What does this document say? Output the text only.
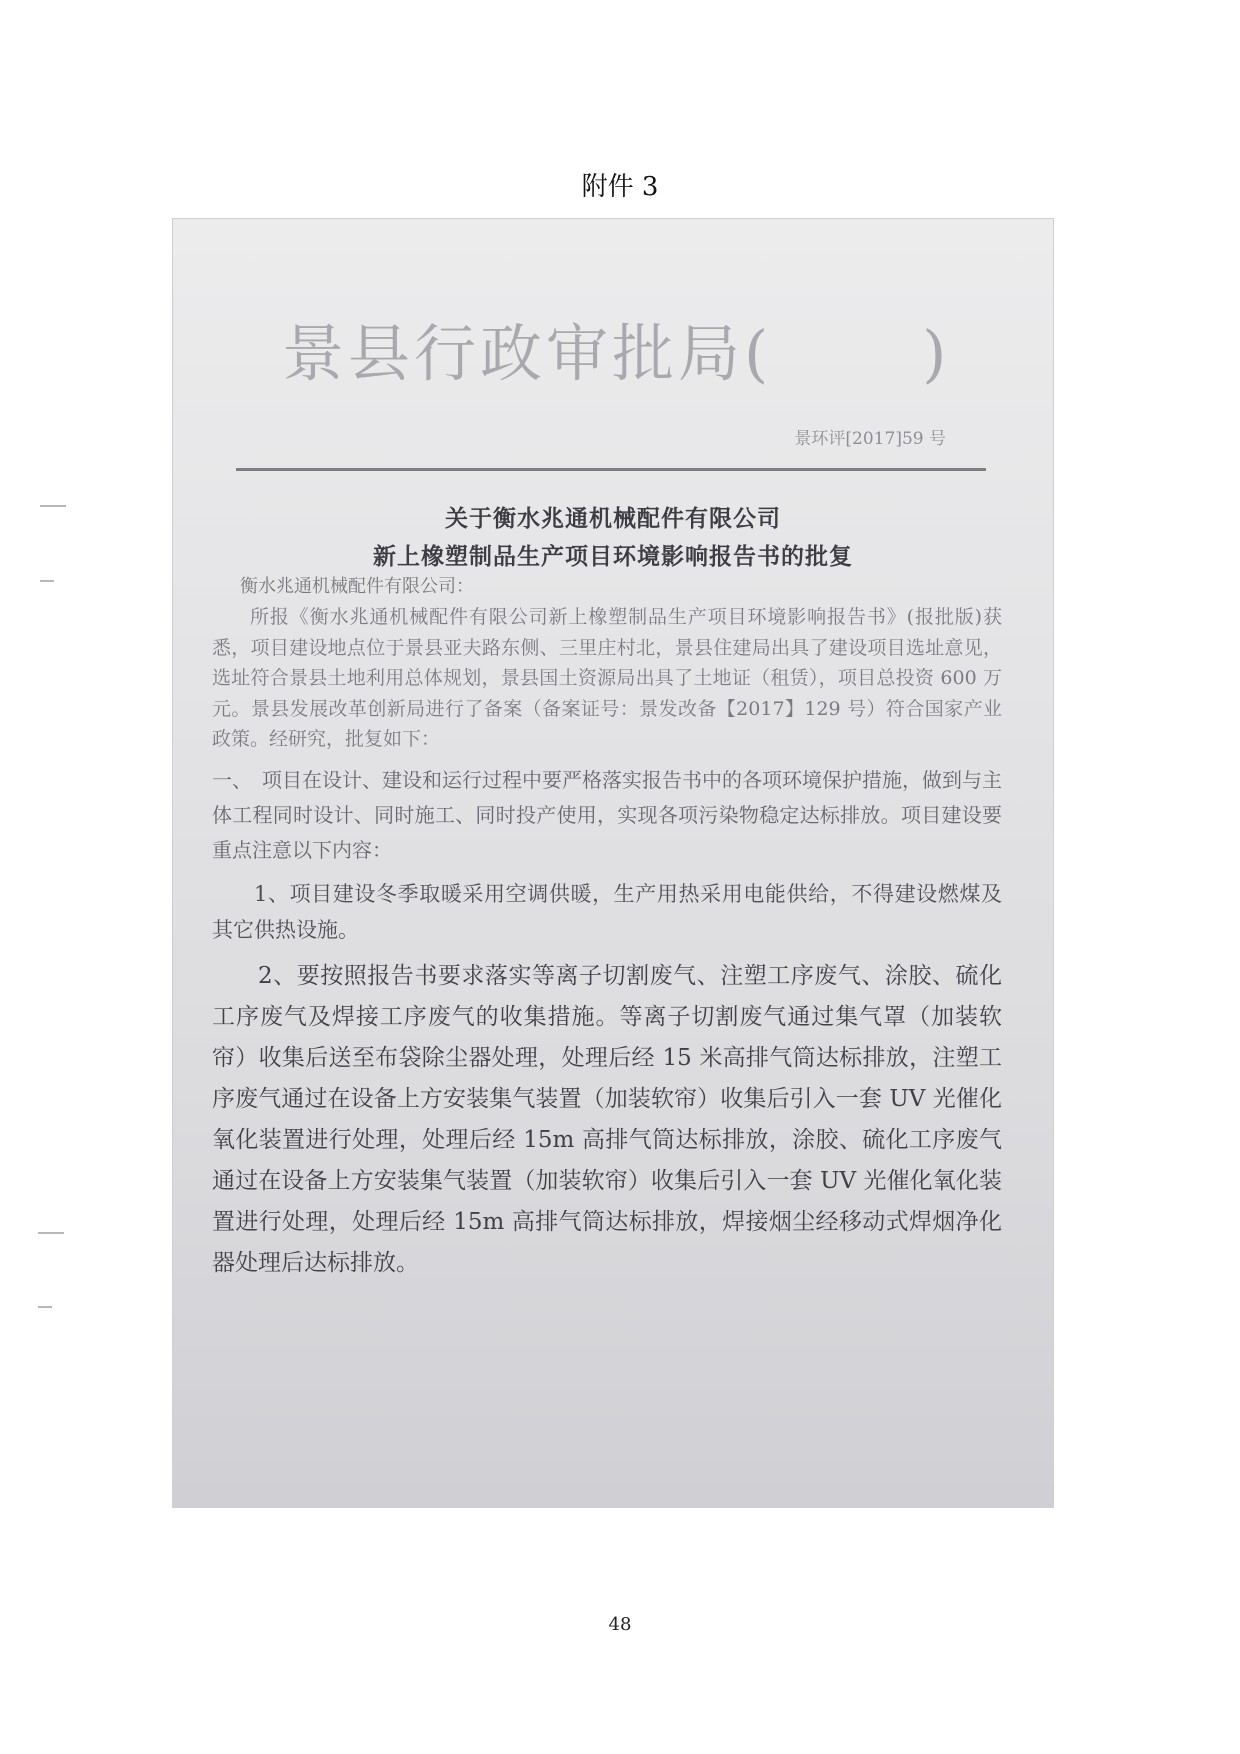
附件 3
景县行政审批局( )
景环评[2017]59 号
关于衡水兆通机械配件有限公司
新上橡塑制品生产项目环境影响报告书的批复
衡水兆通机械配件有限公司：

所报《衡水兆通机械配件有限公司新上橡塑制品生产项目环境影响报告书》(报批版)获悉，项目建设地点位于景县亚夫路东侧、三里庄村北，景县住建局出具了建设项目选址意见，选址符合景县土地利用总体规划，景县国土资源局出具了土地证（租赁），项目总投资 600 万元。景县发展改革创新局进行了备案（备案证号：景发改备【2017】129 号）符合国家产业政策。经研究，批复如下：

一、　项目在设计、建设和运行过程中要严格落实报告书中的各项环境保护措施，做到与主体工程同时设计、同时施工、同时投产使用，实现各项污染物稳定达标排放。项目建设要重点注意以下内容：

1、项目建设冬季取暖采用空调供暖，生产用热采用电能供给，不得建设燃煤及其它供热设施。

2、要按照报告书要求落实等离子切割废气、注塑工序废气、涂胶、硫化工序废气及焊接工序废气的收集措施。等离子切割废气通过集气罩（加装软帘）收集后送至布袋除尘器处理，处理后经 15 米高排气筒达标排放，注塑工序废气通过在设备上方安装集气装置（加装软帘）收集后引入一套 UV 光催化氧化装置进行处理，处理后经 15m 高排气筒达标排放，涂胶、硫化工序废气通过在设备上方安装集气装置（加装软帘）收集后引入一套 UV 光催化氧化装置进行处理，处理后经 15m 高排气筒达标排放，焊接烟尘经移动式焊烟净化器处理后达标排放。

48
